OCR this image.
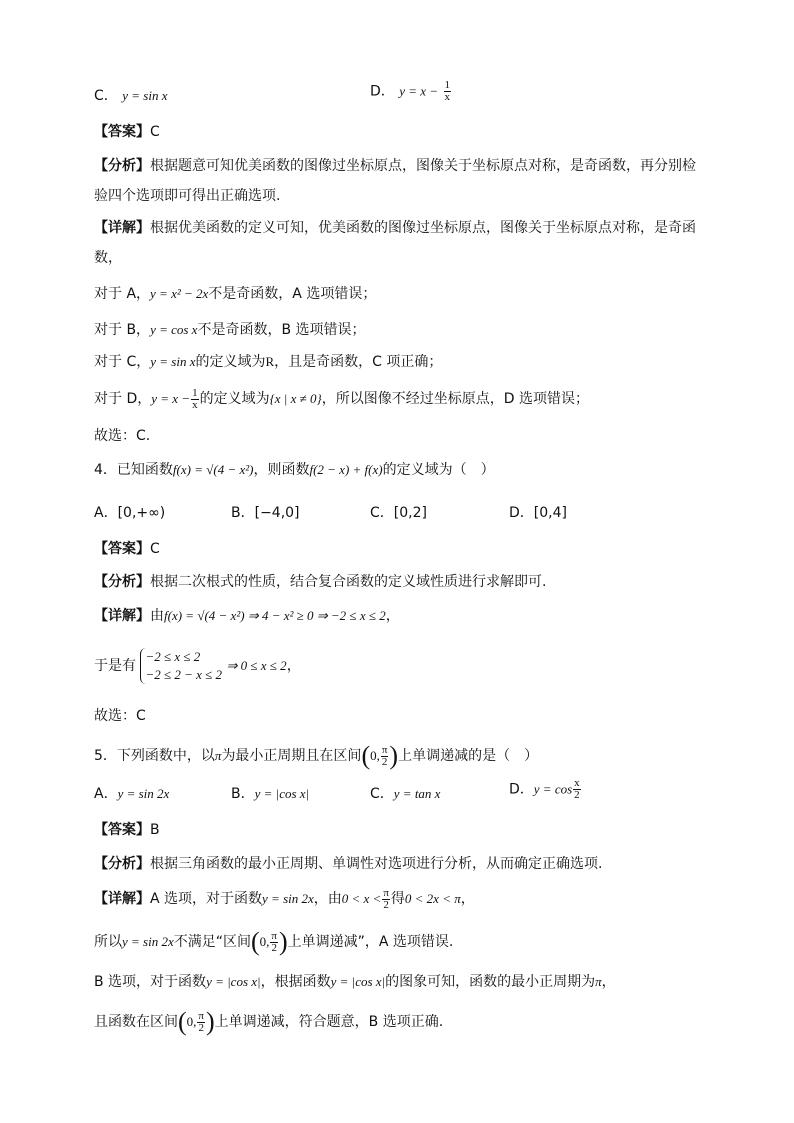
C． y = sin x	D． $y = x - \frac{1}{x}$
【答案】C
【分析】根据题意可知优美函数的图像过坐标原点，图像关于坐标原点对称，是奇函数，再分别检
验四个选项即可得出正确选项.
【详解】根据优美函数的定义可知，优美函数的图像过坐标原点，图像关于坐标原点对称，是奇函
数，
对于 A，y = x² − 2x不是奇函数，A 选项错误；
对于 B，y = cos x不是奇函数，B 选项错误；
对于 C，y = sin x的定义域为R，且是奇函数，C 项正确；
对于 D，$y = x - \frac{1}{x}$ 的定义域为{x | x ≠ 0}，所以图像不经过坐标原点，D 选项错误；
故选：C.
4．已知函数f(x) = √(4 − x²)，则函数f(2 − x) + f(x)的定义域为（　）
A．[0,+∞)	B．[−4,0]	C．[0,2]	D．[0,4]
【答案】C
【分析】根据二次根式的性质，结合复合函数的定义域性质进行求解即可.
【详解】由f(x) = √(4 − x²) ⇒ 4 − x² ≥ 0 ⇒ −2 ≤ x ≤ 2，
于是有
−2 ≤ x ≤ 2
−2 ≤ 2 − x ≤ 2
⇒ 0 ≤ x ≤ 2，
故选：C
5．下列函数中，以π为最小正周期且在区间(0, $\frac{\pi}{2}$ )上单调递减的是（　）
A．y = sin 2x	B．y = |cos x|	C．y = tan x	D．$y = \cos \frac{x}{2}$
【答案】B
【分析】根据三角函数的最小正周期、单调性对选项进行分析，从而确定正确选项.
【详解】A 选项，对于函数y = sin 2x，由$0 < x < \frac{\pi}{2}$ 得0 < 2x < π，
所以y = sin 2x不满足“区间(0, $\frac{\pi}{2}$ )上单调递减”，A 选项错误.
B 选项，对于函数y = |cos x|，根据函数y = |cos x|的图象可知，函数的最小正周期为π，
且函数在区间(0, $\frac{\pi}{2}$ )上单调递减，符合题意，B 选项正确.
